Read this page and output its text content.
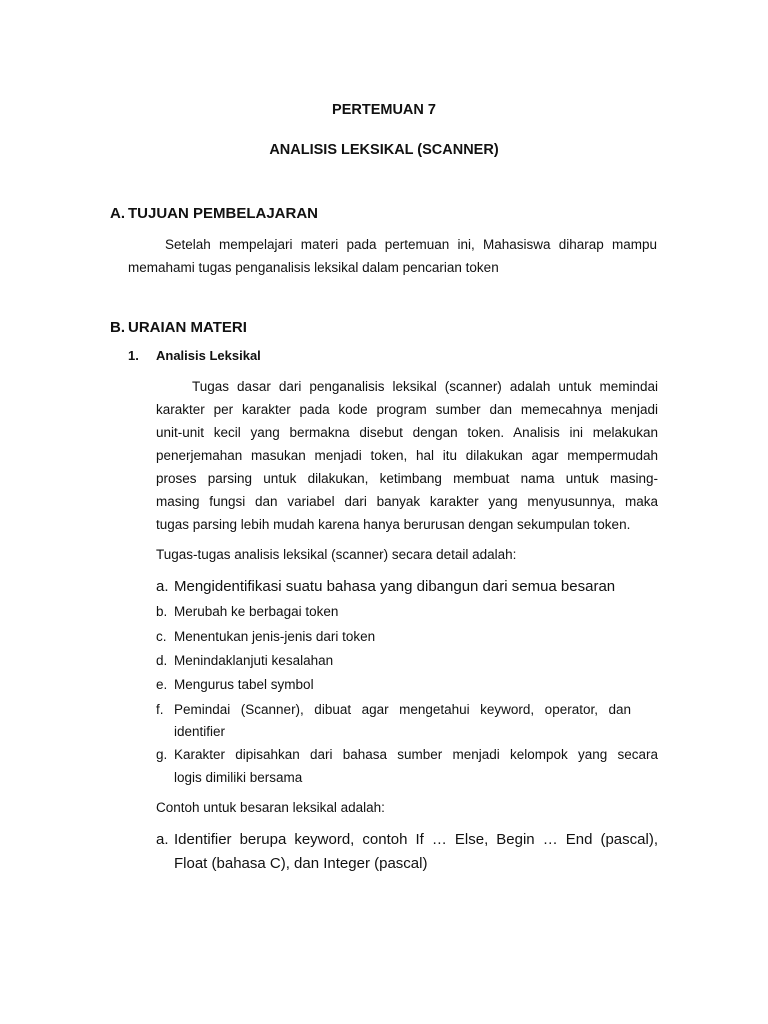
PERTEMUAN 7
ANALISIS LEKSIKAL (SCANNER)
A. TUJUAN PEMBELAJARAN
Setelah mempelajari materi pada pertemuan ini, Mahasiswa diharap mampu
memahami tugas penganalisis leksikal dalam pencarian token
B. URAIAN MATERI
1. Analisis Leksikal
Tugas dasar dari penganalisis leksikal (scanner) adalah untuk memindai
karakter per karakter pada kode program sumber dan memecahnya menjadi
unit-unit kecil yang bermakna disebut dengan token. Analisis ini melakukan
penerjemahan masukan menjadi token, hal itu dilakukan agar mempermudah
proses parsing untuk dilakukan, ketimbang membuat nama untuk masing-
masing fungsi dan variabel dari banyak karakter yang menyusunnya, maka
tugas parsing lebih mudah karena hanya berurusan dengan sekumpulan token.
Tugas-tugas analisis leksikal (scanner) secara detail adalah:
a. Mengidentifikasi suatu bahasa yang dibangun dari semua besaran
b. Merubah ke berbagai token
c. Menentukan jenis-jenis dari token
d. Menindaklanjuti kesalahan
e. Mengurus tabel symbol
f. Pemindai (Scanner), dibuat agar mengetahui keyword, operator, dan
identifier
g. Karakter dipisahkan dari bahasa sumber menjadi kelompok yang secara
logis dimiliki bersama
Contoh untuk besaran leksikal adalah:
a. Identifier berupa keyword, contoh If … Else, Begin … End (pascal),
Float (bahasa C), dan Integer (pascal)
